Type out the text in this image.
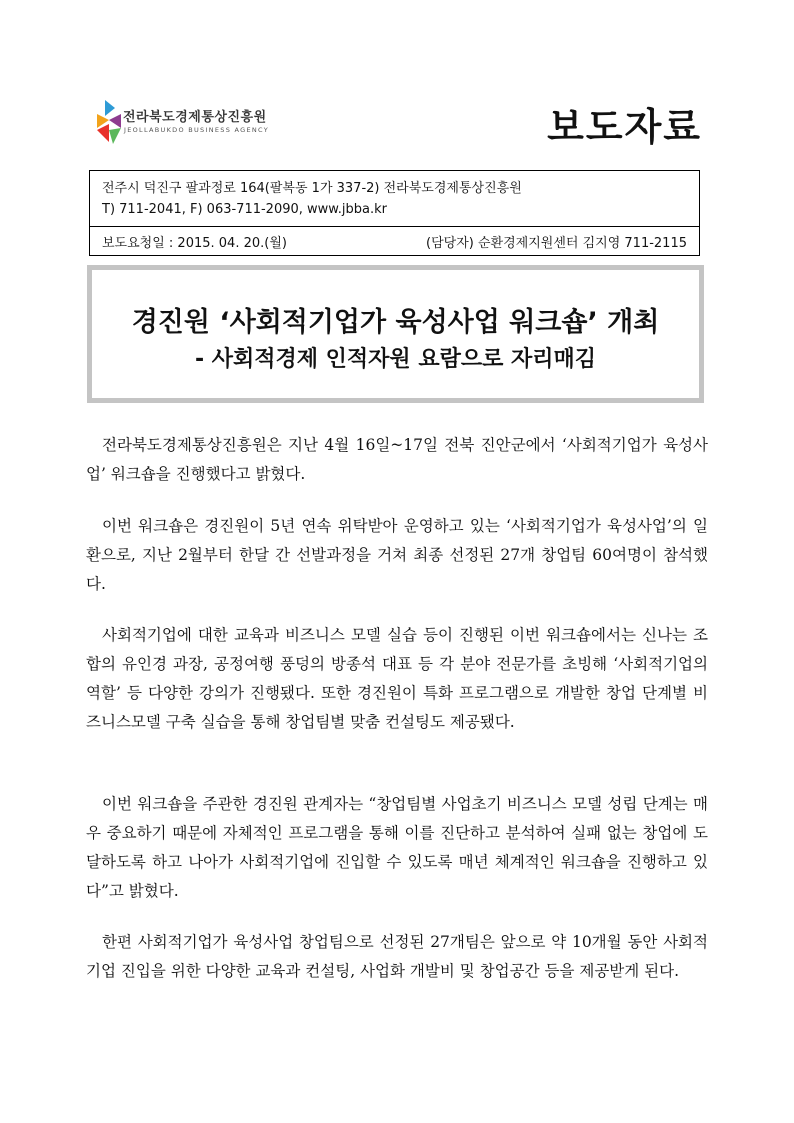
전라북도경제통상진흥원
JEOLLABUKDO BUSINESS AGENCY	보도자료
전주시 덕진구 팔과정로 164(팔복동 1가 337-2) 전라북도경제통상진흥원
T) 711-2041, F) 063-711-2090, www.jbba.kr
보도요청일 : 2015. 04. 20.(월)	(담당자) 순환경제지원센터 김지영 711-2115
경진원 ‘사회적기업가 육성사업 워크숍’ 개최
- 사회적경제 인적자원 요람으로 자리매김

전라북도경제통상진흥원은 지난 4월 16일~17일 전북 진안군에서 ‘사회적기업가 육성사업’ 워크숍을 진행했다고 밝혔다.

이번 워크숍은 경진원이 5년 연속 위탁받아 운영하고 있는 ‘사회적기업가 육성사업’의 일환으로, 지난 2월부터 한달 간 선발과정을 거쳐 최종 선정된 27개 창업팀 60여명이 참석했다.

사회적기업에 대한 교육과 비즈니스 모델 실습 등이 진행된 이번 워크숍에서는 신나는 조합의 유인경 과장, 공정여행 풍덩의 방종석 대표 등 각 분야 전문가를 초빙해 ‘사회적기업의 역할’ 등 다양한 강의가 진행됐다. 또한 경진원이 특화 프로그램으로 개발한 창업 단계별 비즈니스모델 구축 실습을 통해 창업팀별 맞춤 컨설팅도 제공됐다.

이번 워크숍을 주관한 경진원 관계자는 “창업팀별 사업초기 비즈니스 모델 성립 단계는 매우 중요하기 때문에 자체적인 프로그램을 통해 이를 진단하고 분석하여 실패 없는 창업에 도달하도록 하고 나아가 사회적기업에 진입할 수 있도록 매년 체계적인 워크숍을 진행하고 있다”고 밝혔다.

한편 사회적기업가 육성사업 창업팀으로 선정된 27개팀은 앞으로 약 10개월 동안 사회적기업 진입을 위한 다양한 교육과 컨설팅, 사업화 개발비 및 창업공간 등을 제공받게 된다.
